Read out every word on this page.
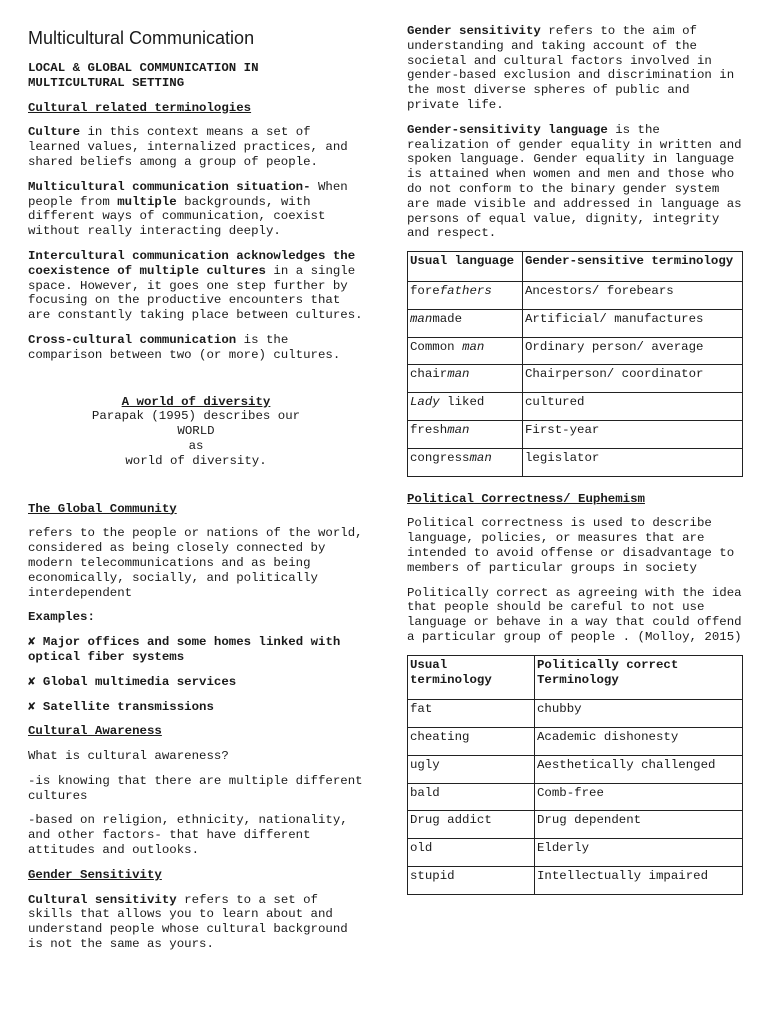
Multicultural Communication

LOCAL & GLOBAL COMMUNICATION IN
MULTICULTURAL SETTING

Cultural related terminologies

Culture in this context means a set of learned values, internalized practices, and shared beliefs among a group of people.

Multicultural communication situation- When people from multiple backgrounds, with different ways of communication, coexist without really interacting deeply.

Intercultural communication acknowledges the coexistence of multiple cultures in a single space. However, it goes one step further by focusing on the productive encounters that are constantly taking place between cultures.

Cross-cultural communication is the comparison between two (or more) cultures.

A world of diversity
Parapak (1995) describes our
WORLD
as
world of diversity.
The Global Community

refers to the people or nations of the world, considered as being closely connected by modern telecommunications and as being economically, socially, and politically interdependent

Examples:

✘ Major offices and some homes linked with optical fiber systems
✘ Global multimedia services
✘ Satellite transmissions
Cultural Awareness

What is cultural awareness?

-is knowing that there are multiple different cultures

-based on religion, ethnicity, nationality, and other factors- that have different attitudes and outlooks.

Gender Sensitivity

Cultural sensitivity refers to a set of skills that allows you to learn about and understand people whose cultural background is not the same as yours.

Gender sensitivity refers to the aim of understanding and taking account of the societal and cultural factors involved in gender-based exclusion and discrimination in the most diverse spheres of public and private life.

Gender-sensitivity language is the realization of gender equality in written and spoken language. Gender equality in language is attained when women and men and those who do not conform to the binary gender system are made visible and addressed in language as persons of equal value, dignity, integrity and respect.

Usual language	Gender-sensitive terminology
forefathers	Ancestors/ forebears
manmade	Artificial/ manufactures
Common man	Ordinary person/ average
chairman	Chairperson/ coordinator
Lady liked	cultured
freshman	First-year
congressman	legislator
Political Correctness/ Euphemism

Political correctness is used to describe language, policies, or measures that are intended to avoid offense or disadvantage to members of particular groups in society

Politically correct as agreeing with the idea that people should be careful to not use language or behave in a way that could offend a particular group of people . (Molloy, 2015)

Usual terminology	Politically correct Terminology
fat	chubby
cheating	Academic dishonesty
ugly	Aesthetically challenged
bald	Comb-free
Drug addict	Drug dependent
old	Elderly
stupid	Intellectually impaired
